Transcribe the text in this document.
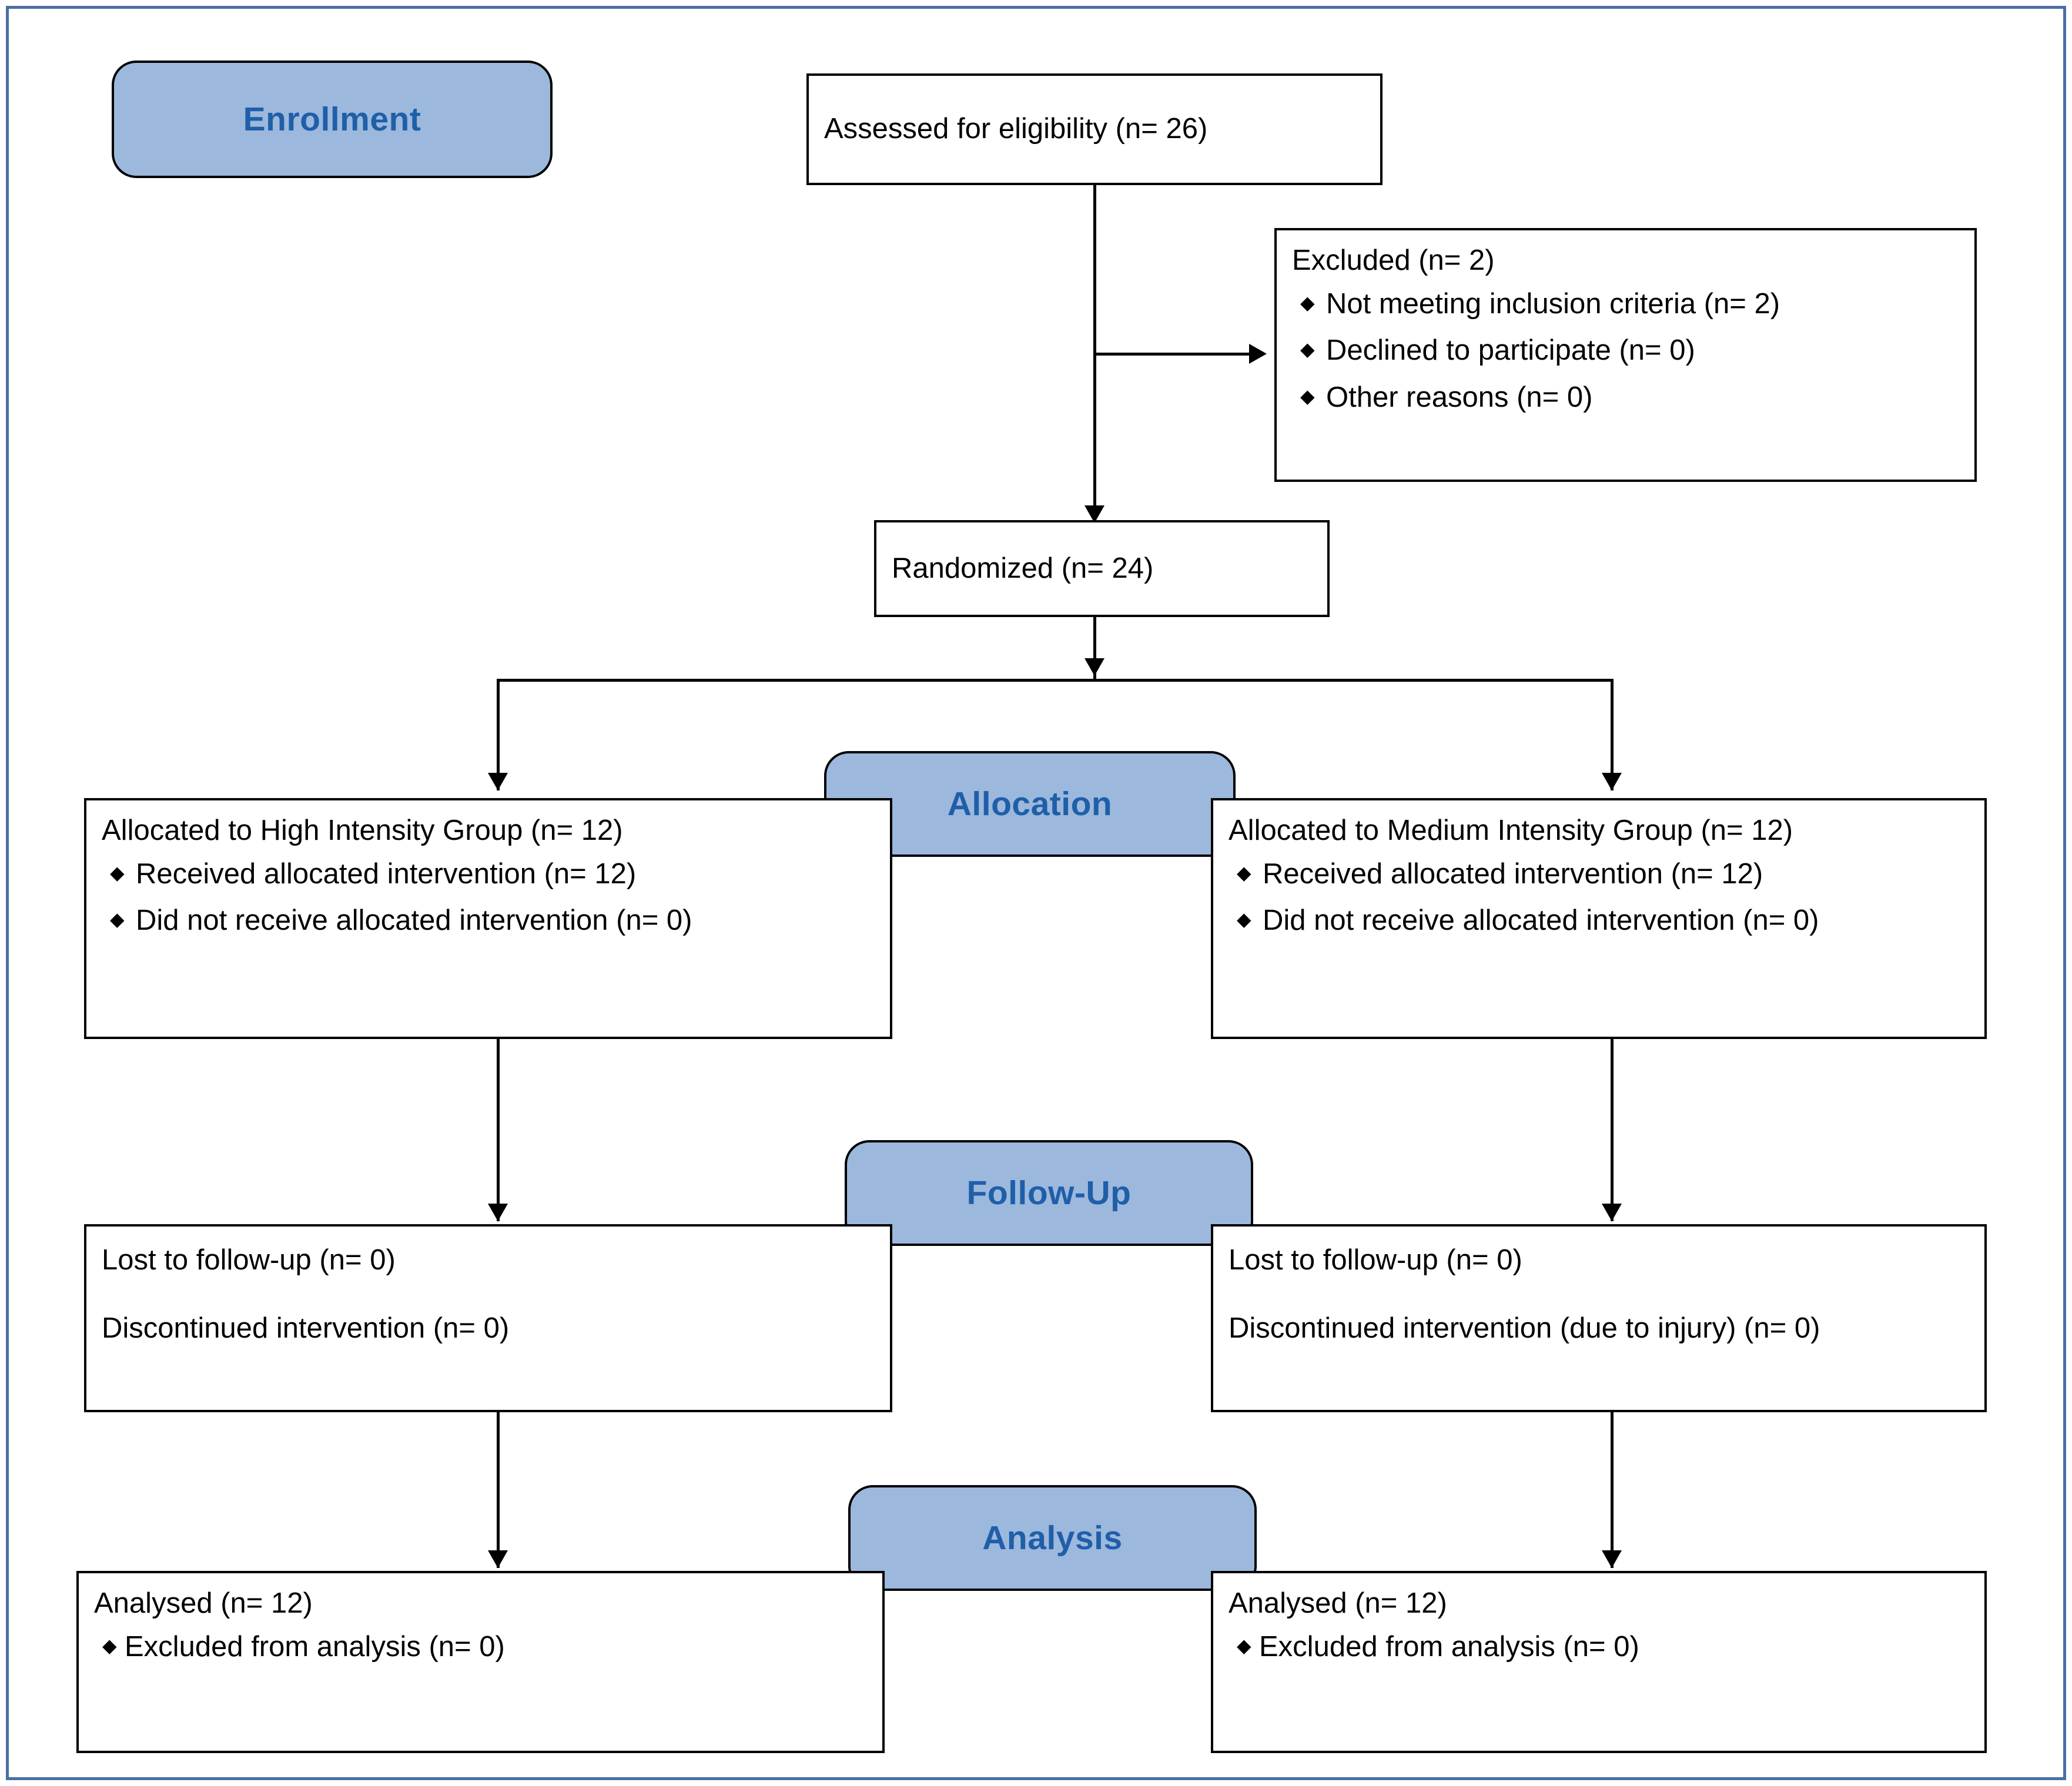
Enrollment
Allocation
Follow-Up
Analysis
Assessed for eligibility (n= 26)
Excluded (n= 2)
◆ Not meeting inclusion criteria (n= 2)
◆ Declined to participate (n= 0)
◆ Other reasons (n= 0)
Randomized (n= 24)
Allocated to High Intensity Group (n= 12)
◆ Received allocated intervention (n= 12)
◆ Did not receive allocated intervention (n= 0)
Allocated to Medium Intensity Group (n= 12)
◆ Received allocated intervention (n= 12)
◆ Did not receive allocated intervention (n= 0)
Lost to follow-up (n= 0)
Discontinued intervention (n= 0)
Lost to follow-up (n= 0)
Discontinued intervention (due to injury) (n= 0)
Analysed (n= 12)
◆ Excluded from analysis (n= 0)
Analysed (n= 12)
◆ Excluded from analysis (n= 0)
